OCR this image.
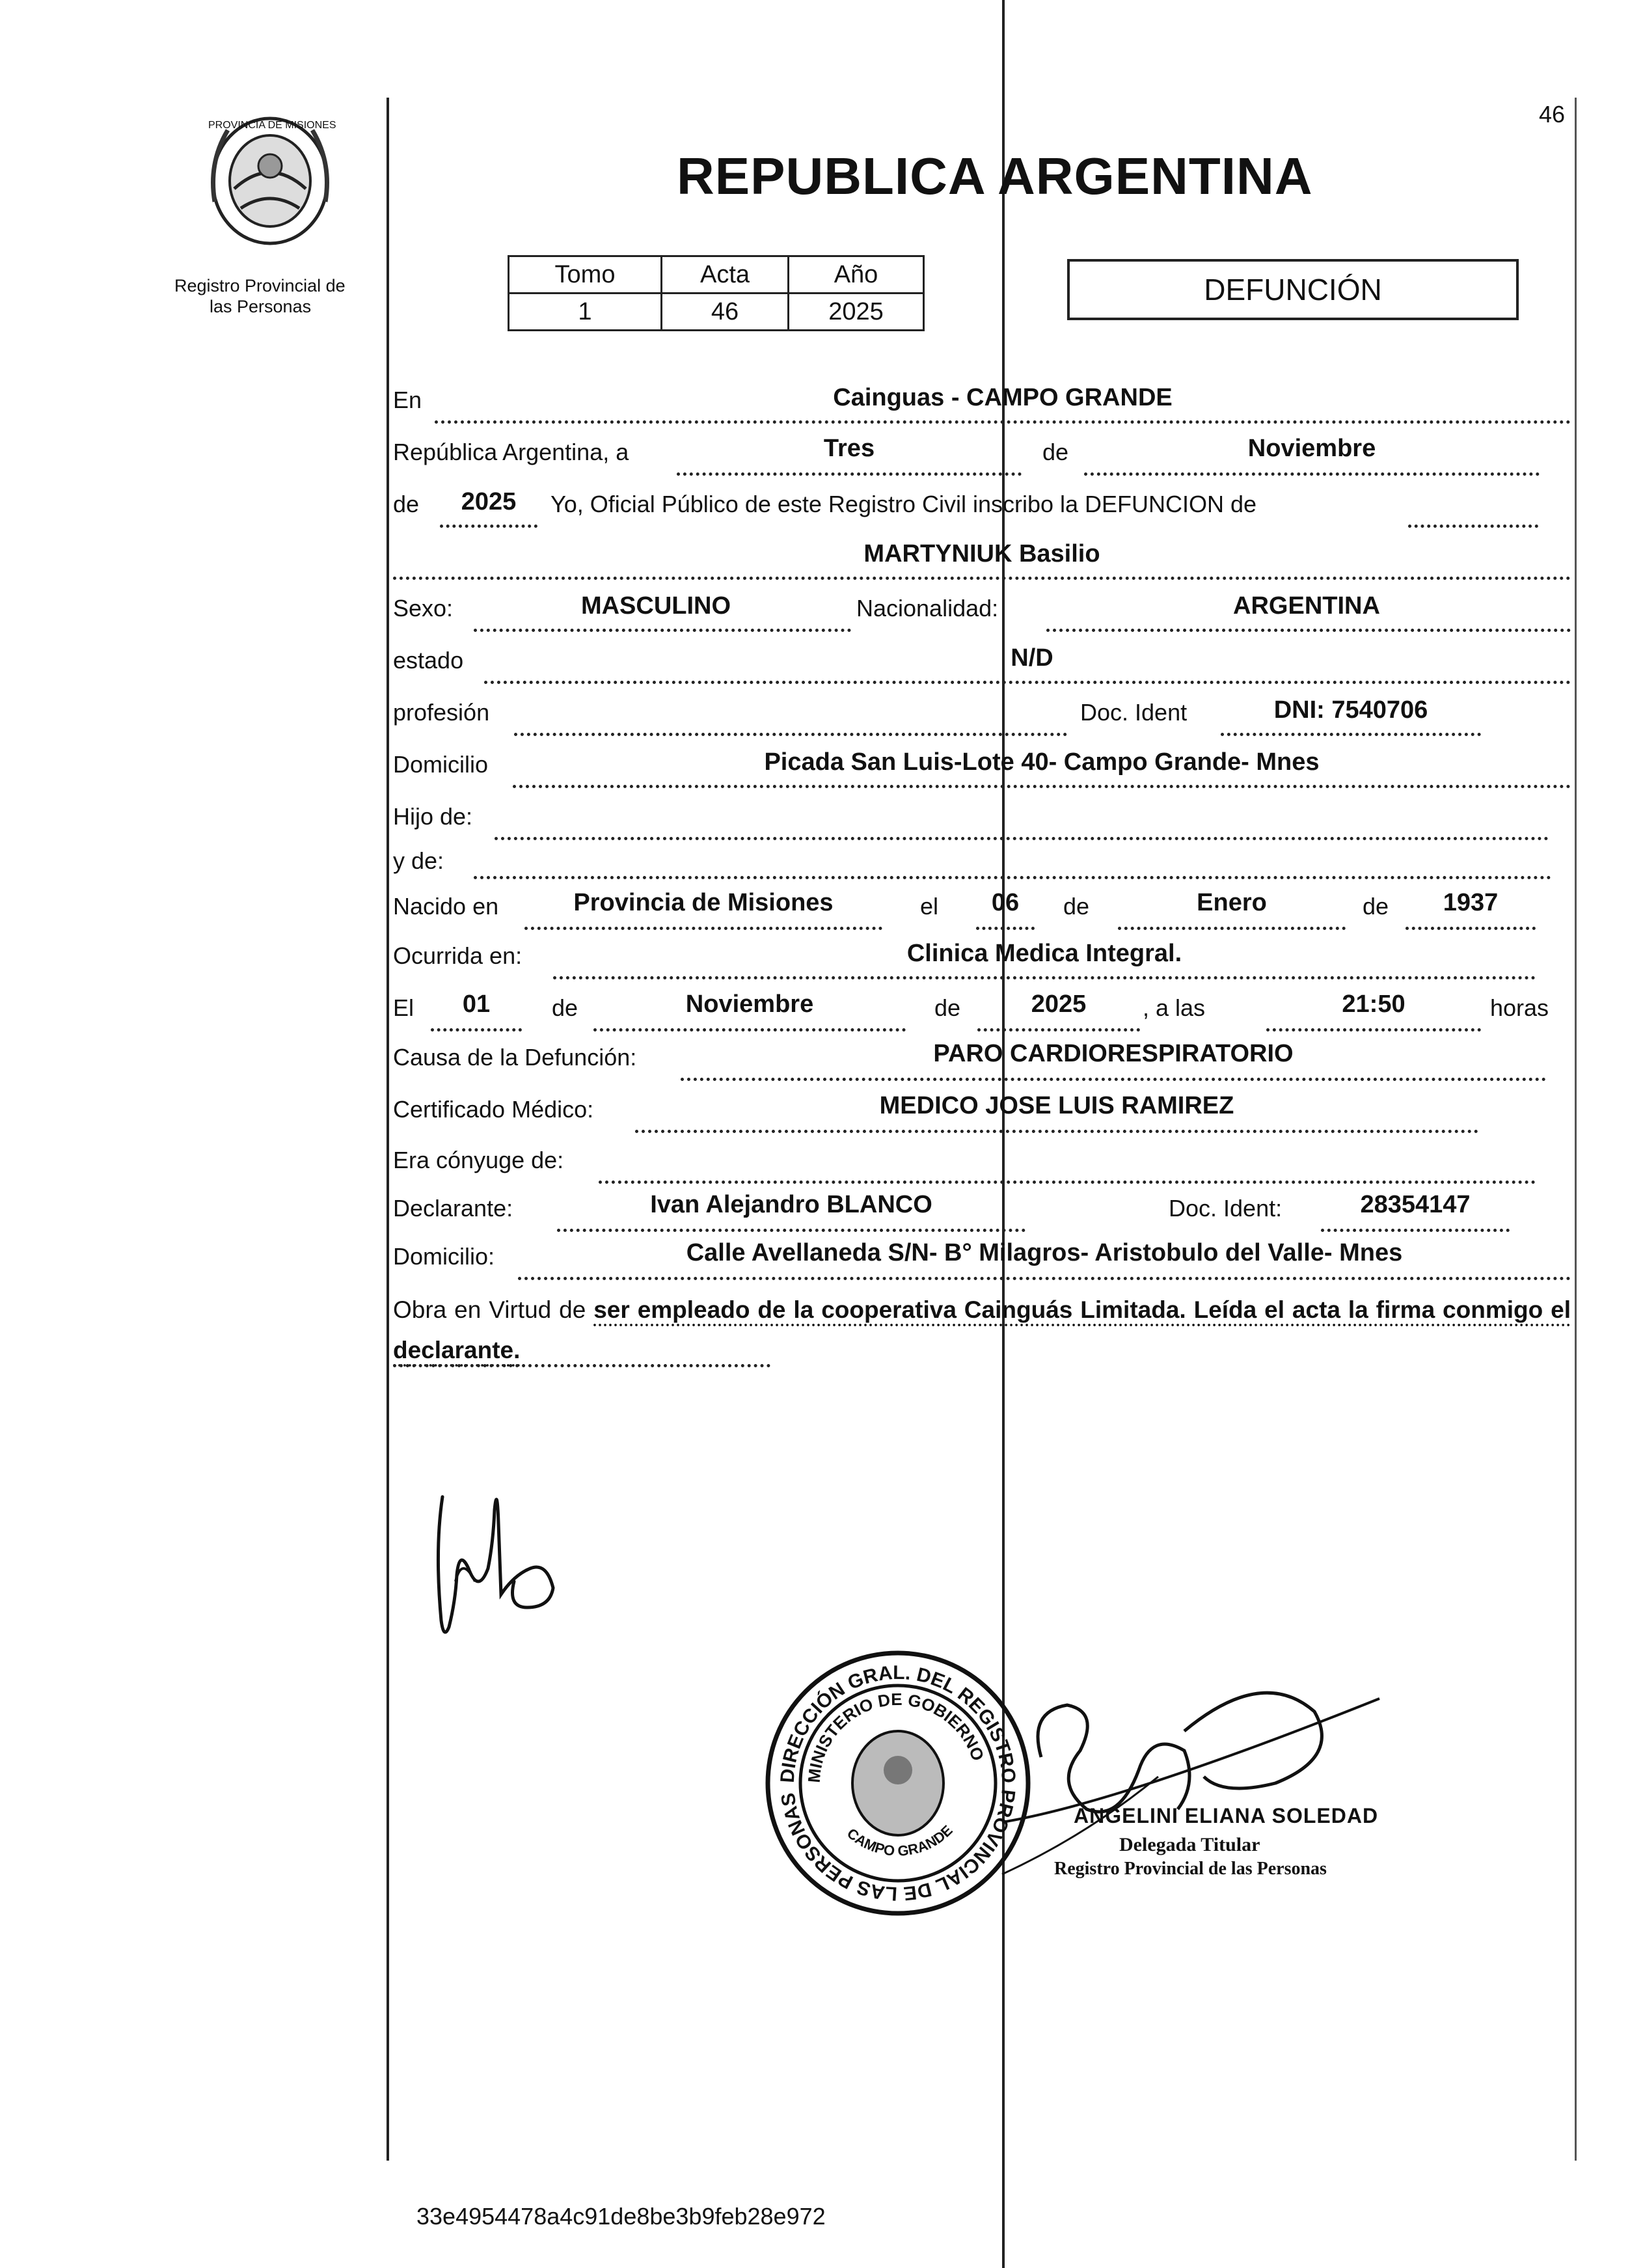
PROVINCIA DE MISIONES
Registro Provincial de
las Personas
46
REPUBLICA ARGENTINA
Tomo	Acta	Año
1	46	2025
DEFUNCIÓN
En	Cainguas - CAMPO GRANDE
República Argentina, a	Tres	de	Noviembre
de	2025	Yo, Oficial Público de este Registro Civil inscribo la DEFUNCION de
MARTYNIUK Basilio
Sexo:	MASCULINO	Nacionalidad:	ARGENTINA
estado	N/D
profesión	Doc. Ident	DNI: 7540706
Domicilio	Picada San Luis-Lote 40- Campo Grande- Mnes
Hijo de:
y de:
Nacido en	Provincia de Misiones	el	06	de	Enero	de	1937
Ocurrida en:	Clinica Medica Integral.
El	01	de	Noviembre	de	2025	, a las	21:50	horas
Causa de la Defunción:	PARO CARDIORESPIRATORIO
Certificado Médico:	MEDICO JOSE LUIS RAMIREZ
Era cónyuge de:
Declarante:	Ivan Alejandro BLANCO	Doc. Ident:	28354147
Domicilio:	Calle Avellaneda S/N- B° Milagros- Aristobulo del Valle- Mnes
Obra en Virtud de ser empleado de la cooperativa Cainguás Limitada. Leída el acta la firma conmigo el declarante.
DIRECCIÓN GRAL. DEL REGISTRO PROVINCIAL DE LAS PERSONAS
MINISTERIO DE GOBIERNO
CAMPO GRANDE
ANGELINI ELIANA SOLEDAD
Delegada Titular
Registro Provincial de las Personas
33e4954478a4c91de8be3b9feb28e972
